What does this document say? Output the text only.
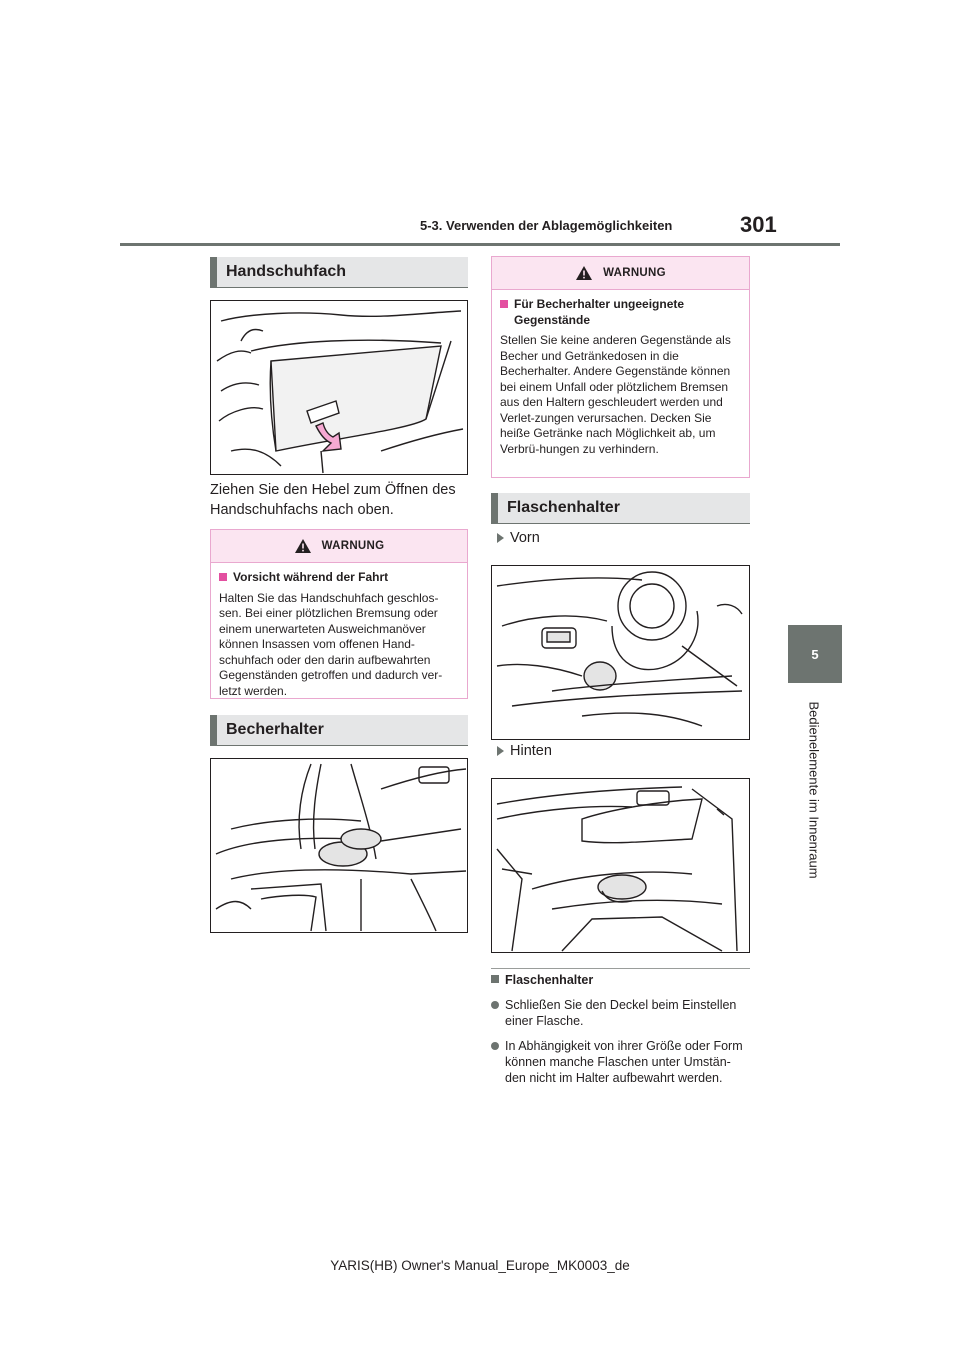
5-3. Verwenden der Ablagemöglichkeiten	301
5
Bedienelemente im Innenraum
Handschuhfach
Ziehen Sie den Hebel zum Öffnen des Handschuhfachs nach oben.
WARNUNG
Vorsicht während der Fahrt
Halten Sie das Handschuhfach geschlos-sen. Bei einer plötzlichen Bremsung oder einem unerwarteten Ausweichmanöver können Insassen vom offenen Hand-schuhfach oder den darin aufbewahrten Gegenständen getroffen und dadurch ver-letzt werden.
Becherhalter
WARNUNG
Für Becherhalter ungeeignete Gegenstände
Stellen Sie keine anderen Gegenstände als Becher und Getränkedosen in die Becherhalter. Andere Gegenstände können bei einem Unfall oder plötzlichem Bremsen aus den Haltern geschleudert werden und Verlet-zungen verursachen. Decken Sie heiße Getränke nach Möglichkeit ab, um Verbrü-hungen zu verhindern.
Flaschenhalter
Vorn
Hinten
Flaschenhalter
Schließen Sie den Deckel beim Einstellen einer Flasche.
In Abhängigkeit von ihrer Größe oder Form können manche Flaschen unter Umstän-den nicht im Halter aufbewahrt werden.
YARIS(HB) Owner's Manual_Europe_MK0003_de
